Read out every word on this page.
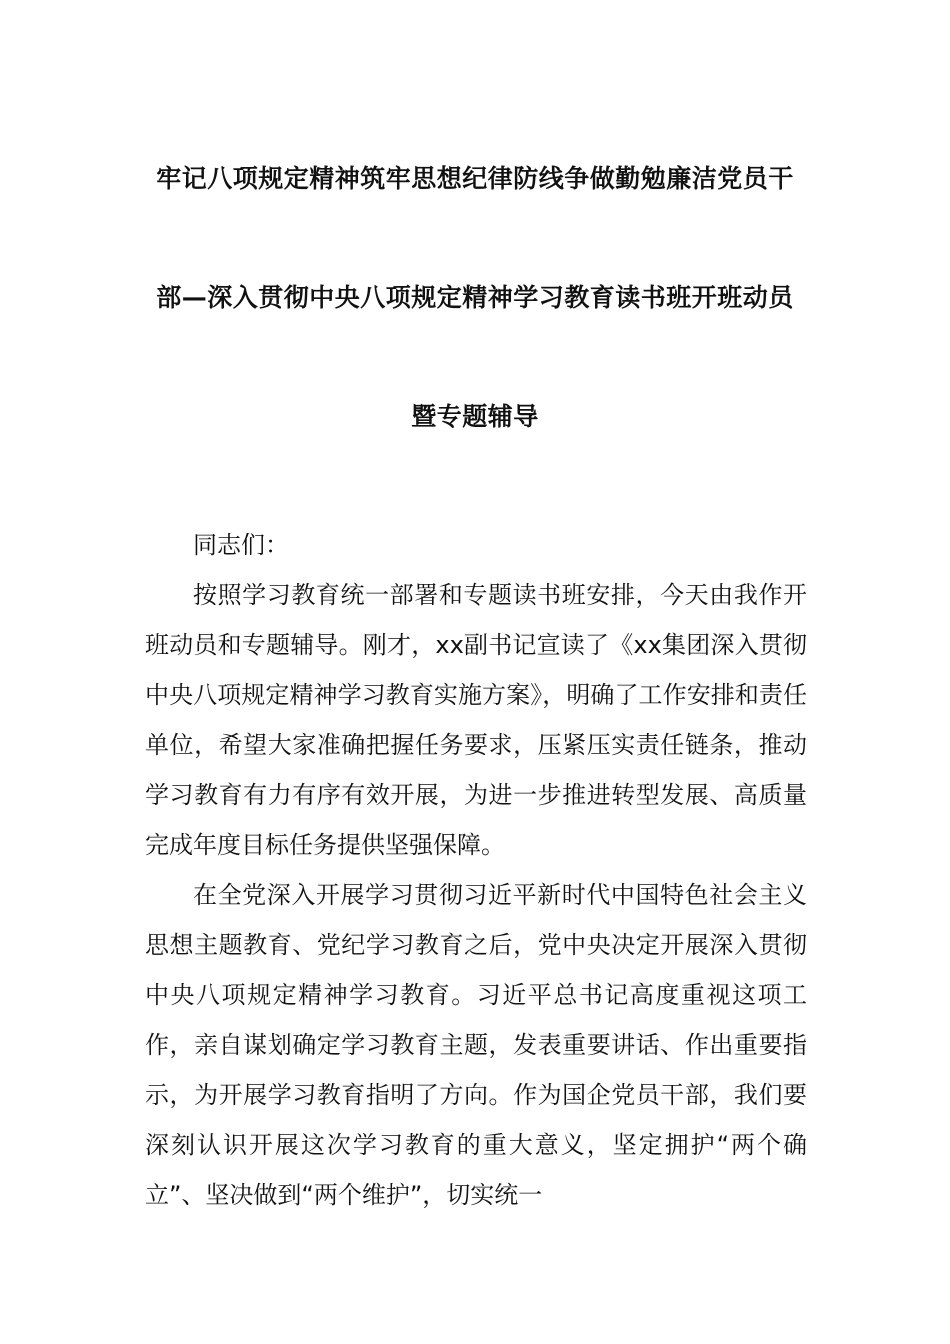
牢记八项规定精神筑牢思想纪律防线争做勤勉廉洁党员干
部—深入贯彻中央八项规定精神学习教育读书班开班动员
暨专题辅导

同志们：

按照学习教育统一部署和专题读书班安排，今天由我作开班动员和专题辅导。刚才，xx副书记宣读了《xx集团深入贯彻中央八项规定精神学习教育实施方案》，明确了工作安排和责任单位，希望大家准确把握任务要求，压紧压实责任链条，推动学习教育有力有序有效开展，为进一步推进转型发展、高质量完成年度目标任务提供坚强保障。

在全党深入开展学习贯彻习近平新时代中国特色社会主义思想主题教育、党纪学习教育之后，党中央决定开展深入贯彻中央八项规定精神学习教育。习近平总书记高度重视这项工作，亲自谋划确定学习教育主题，发表重要讲话、作出重要指示，为开展学习教育指明了方向。作为国企党员干部，我们要深刻认识开展这次学习教育的重大意义，坚定拥护“两个确立”、坚决做到“两个维护”，切实统一
